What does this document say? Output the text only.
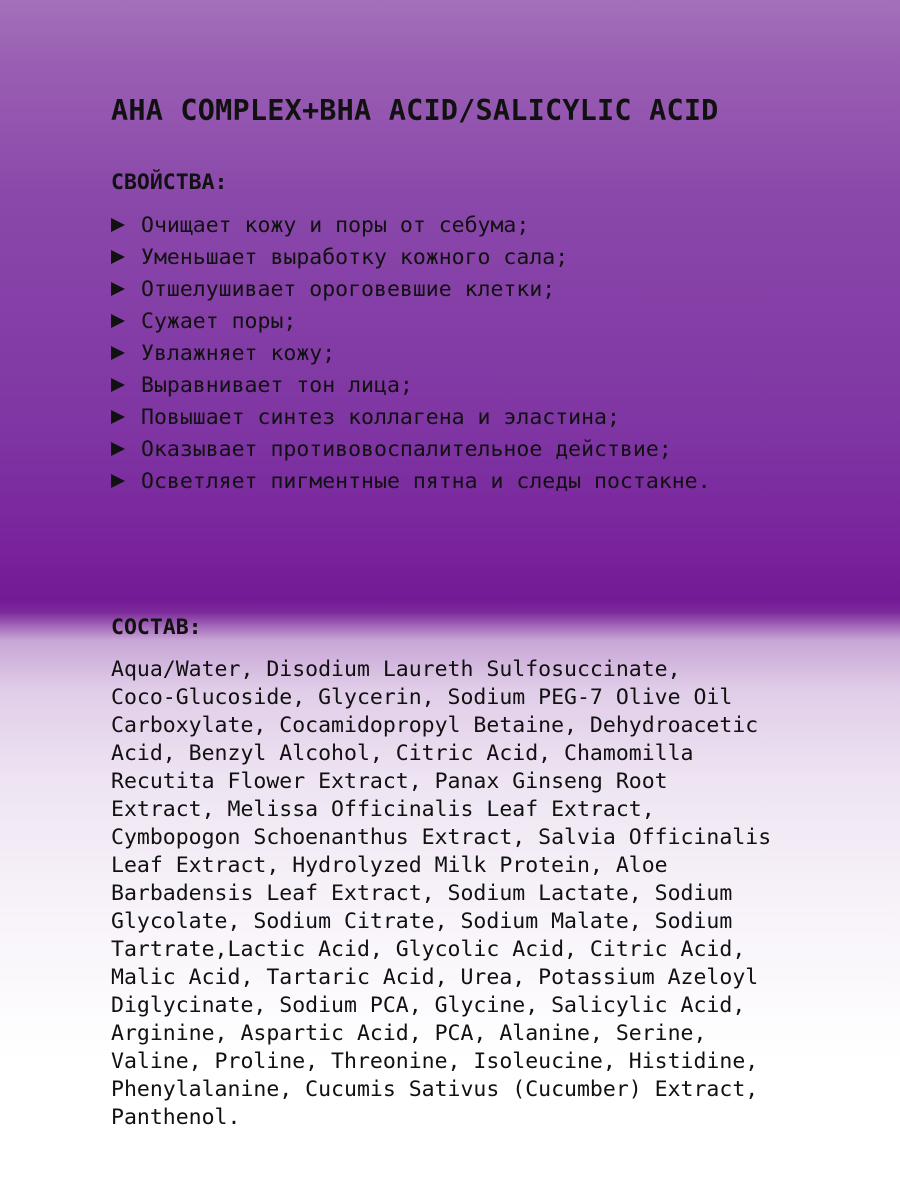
AHA COMPLEX+BHA ACID/SALICYLIC ACID
СВОЙСТВА:
Очищает кожу и поры от себума;
Уменьшает выработку кожного сала;
Отшелушивает ороговевшие клетки;
Сужает поры;
Увлажняет кожу;
Выравнивает тон лица;
Повышает синтез коллагена и эластина;
Оказывает противовоспалительное действие;
Осветляет пигментные пятна и следы постакне.
СОСТАВ:

Aqua/Water, Disodium Laureth Sulfosuccinate,
Coco-Glucoside, Glycerin, Sodium PEG-7 Olive Oil
Carboxylate, Cocamidopropyl Betaine, Dehydroacetic
Acid, Benzyl Alcohol, Citric Acid, Chamomilla
Recutita Flower Extract, Panax Ginseng Root
Extract, Melissa Officinalis Leaf Extract,
Cymbopogon Schoenanthus Extract, Salvia Officinalis
Leaf Extract, Hydrolyzed Milk Protein, Aloe
Barbadensis Leaf Extract, Sodium Lactate, Sodium
Glycolate, Sodium Citrate, Sodium Malate, Sodium
Tartrate,Lactic Acid, Glycolic Acid, Citric Acid,
Malic Acid, Tartaric Acid, Urea, Potassium Azeloyl
Diglycinate, Sodium PCA, Glycine, Salicylic Acid,
Arginine, Aspartic Acid, PCA, Alanine, Serine,
Valine, Proline, Threonine, Isoleucine, Histidine,
Phenylalanine, Cucumis Sativus (Cucumber) Extract,
Panthenol.
